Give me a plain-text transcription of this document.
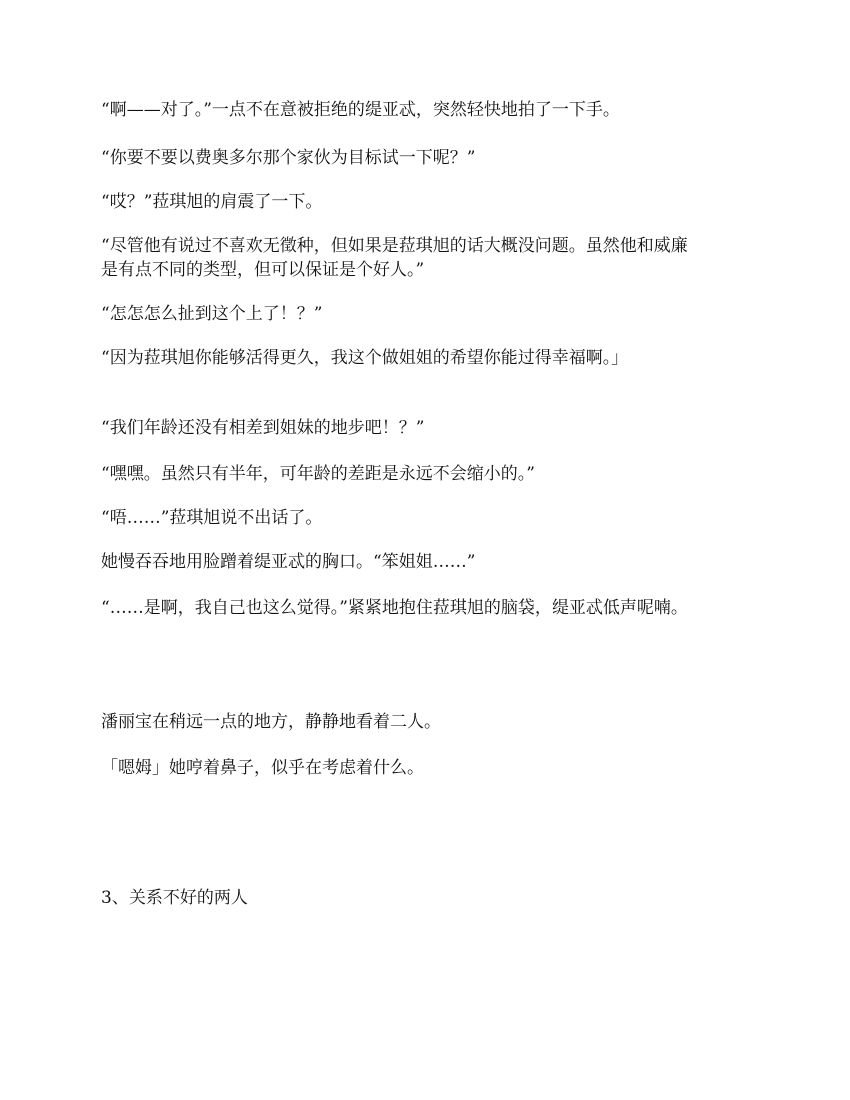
“啊——对了。”一点不在意被拒绝的缇亚忒，突然轻快地拍了一下手。

“你要不要以费奥多尔那个家伙为目标试一下呢？”

“哎？”菈琪旭的肩震了一下。

“尽管他有说过不喜欢无徵种，但如果是菈琪旭的话大概没问题。虽然他和威廉是有点不同的类型，但可以保证是个好人。”

“怎怎怎么扯到这个上了！？”

“因为菈琪旭你能够活得更久，我这个做姐姐的希望你能过得幸福啊。」

“我们年龄还没有相差到姐妹的地步吧！？”

“嘿嘿。虽然只有半年，可年龄的差距是永远不会缩小的。”

“唔……”菈琪旭说不出话了。

她慢吞吞地用脸蹭着缇亚忒的胸口。“笨姐姐……”

“……是啊，我自己也这么觉得。”紧紧地抱住菈琪旭的脑袋，缇亚忒低声呢喃。

潘丽宝在稍远一点的地方，静静地看着二人。

「嗯姆」她哼着鼻子，似乎在考虑着什么。

3、关系不好的两人
